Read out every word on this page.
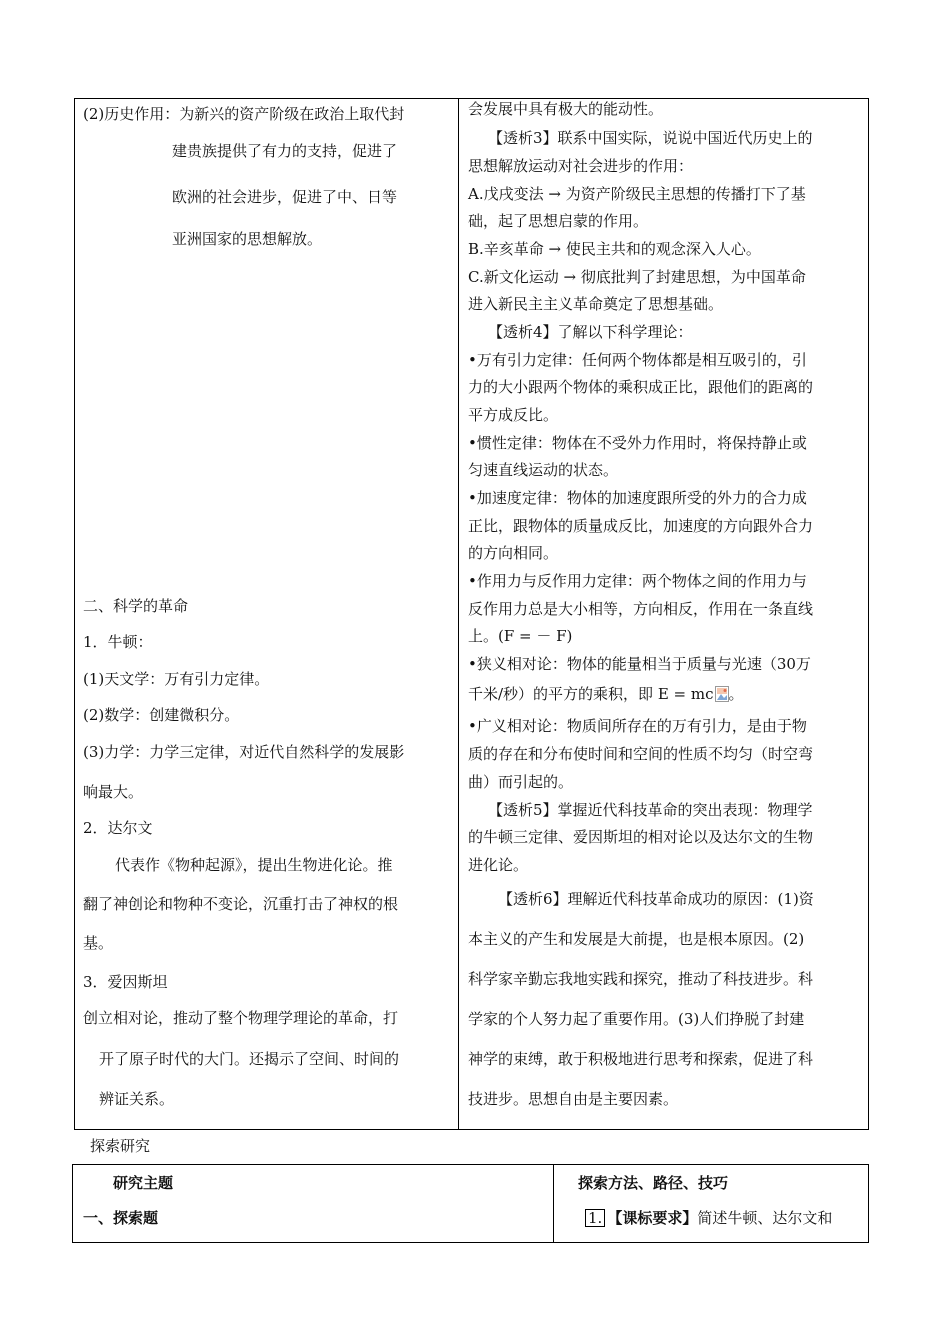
(2)历史作用：为新兴的资产阶级在政治上取代封
建贵族提供了有力的支持，促进了
欧洲的社会进步，促进了中、日等
亚洲国家的思想解放。
二、科学的革命
1．牛顿：
(1)天文学：万有引力定律。
(2)数学：创建微积分。
(3)力学：力学三定律，对近代自然科学的发展影
响最大。
2．达尔文
代表作《物种起源》，提出生物进化论。推
翻了神创论和物种不变论，沉重打击了神权的根
基。
3．爱因斯坦
创立相对论，推动了整个物理学理论的革命，打
开了原子时代的大门。还揭示了空间、时间的
辨证关系。
会发展中具有极大的能动性。
【透析3】联系中国实际，说说中国近代历史上的
思想解放运动对社会进步的作用：
A.戊戌变法 → 为资产阶级民主思想的传播打下了基
础，起了思想启蒙的作用。
B.辛亥革命 → 使民主共和的观念深入人心。
C.新文化运动 → 彻底批判了封建思想，为中国革命
进入新民主主义革命奠定了思想基础。
【透析4】了解以下科学理论：
•万有引力定律：任何两个物体都是相互吸引的，引
力的大小跟两个物体的乘积成正比，跟他们的距离的
平方成反比。
•惯性定律：物体在不受外力作用时，将保持静止或
匀速直线运动的状态。
•加速度定律：物体的加速度跟所受的外力的合力成
正比，跟物体的质量成反比，加速度的方向跟外合力
的方向相同。
•作用力与反作用力定律：两个物体之间的作用力与
反作用力总是大小相等，方向相反，作用在一条直线
上。(F = － F)
•狭义相对论：物体的能量相当于质量与光速（30万
千米/秒）的平方的乘积，即 E = mc 。
•广义相对论：物质间所存在的万有引力，是由于物
质的存在和分布使时间和空间的性质不均匀（时空弯
曲）而引起的。
【透析5】掌握近代科技革命的突出表现：物理学
的牛顿三定律、爱因斯坦的相对论以及达尔文的生物
进化论。
【透析6】理解近代科技革命成功的原因：(1)资
本主义的产生和发展是大前提，也是根本原因。(2)
科学家辛勤忘我地实践和探究，推动了科技进步。科
学家的个人努力起了重要作用。(3)人们挣脱了封建
神学的束缚，敢于积极地进行思考和探索，促进了科
技进步。思想自由是主要因素。
探索研究
研究主题
一、探索题
探索方法、路径、技巧
1. 【课标要求】简述牛顿、达尔文和
